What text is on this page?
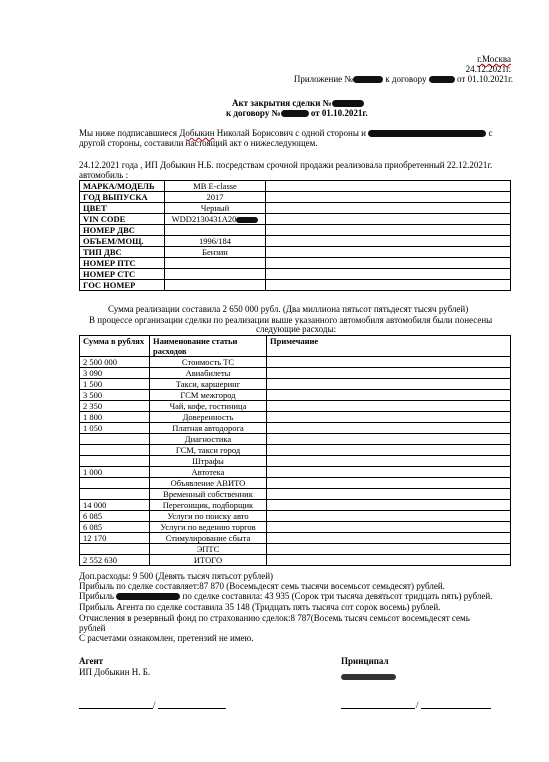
г.Москва
24.12.2021г.
Приложение №	к договору	от 01.10.2021г.
Акт закрытия сделки №
к договору №	от 01.10.2021г.
Мы ниже подписавшиеся Добыкин Николай Борисович с одной стороны и	с
другой стороны, составили настоящий акт о нижеследующем.
24.12.2021 года , ИП Добыкин Н.Б. посредствам срочной продажи реализовала приобретенный 22.12.2021г.
автомобиль :
МАРКА/МОДЕЛЬ	MB E-classe	
ГОД ВЫПУСКА	2017	
ЦВЕТ	Черный	
VIN CODE	WDD2130431A20	
НОМЕР ДВС		
ОБЪЕМ/МОЩ.	1996/184	
ТИП ДВС	Бензин	
НОМЕР ПТС		
НОМЕР СТС		
ГОС НОМЕР		
Сумма реализации составила 2 650 000 рубл. (Два миллиона пятьсот пятьдесят тысяч рублей)
В процессе организации сделки по реализации выше указанного автомобиля автомобиля были понесены
следующие расходы:
Сумма в рублях	Наименование статьи расходов	Примечание
2 500 000	Стоимость ТС	
3 090	Авиабилеты	
1 500	Такси, каршеринг	
3 500	ГСМ межгород	
2 350	Чай, кофе, гостиница	
1 800	Доверенность	
1 050	Платная автодорога	
	Диагностика	
	ГСМ, такси город	
	Штрафы	
1 000	Автотека	
	Объявление АВИТО	
	Временный собственник	
14 000	Перегонщик, подборщик	
6 085	Услуги по поиску авто	
6 085	Услуги по ведению торгов	
12 170	Стимулирование сбыта	
	ЭПТС	
2 552 630	ИТОГО	
Доп.расходы: 9 500 (Девять тысяч пятьсот рублей)
Прибыль по сделке составляет:87 870 (Восемьдесят семь тысячи восемьсот семьдесят) рублей.
Прибыль	по сделке составила: 43 935 (Сорок три тысяча девятьсот тридцать пять) рублей.
Прибыль Агента по сделке составила 35 148 (Тридцать пять тысяча сот сорок восемь) рублей.
Отчисления в резервный фонд по страхованию сделок:8 787(Восемь тысяч семьсот восемьдесят семь
рублей
С расчетами ознакомлен, претензий не имею.
Агент
ИП Добыкин Н. Б.
Принципал
/	/
